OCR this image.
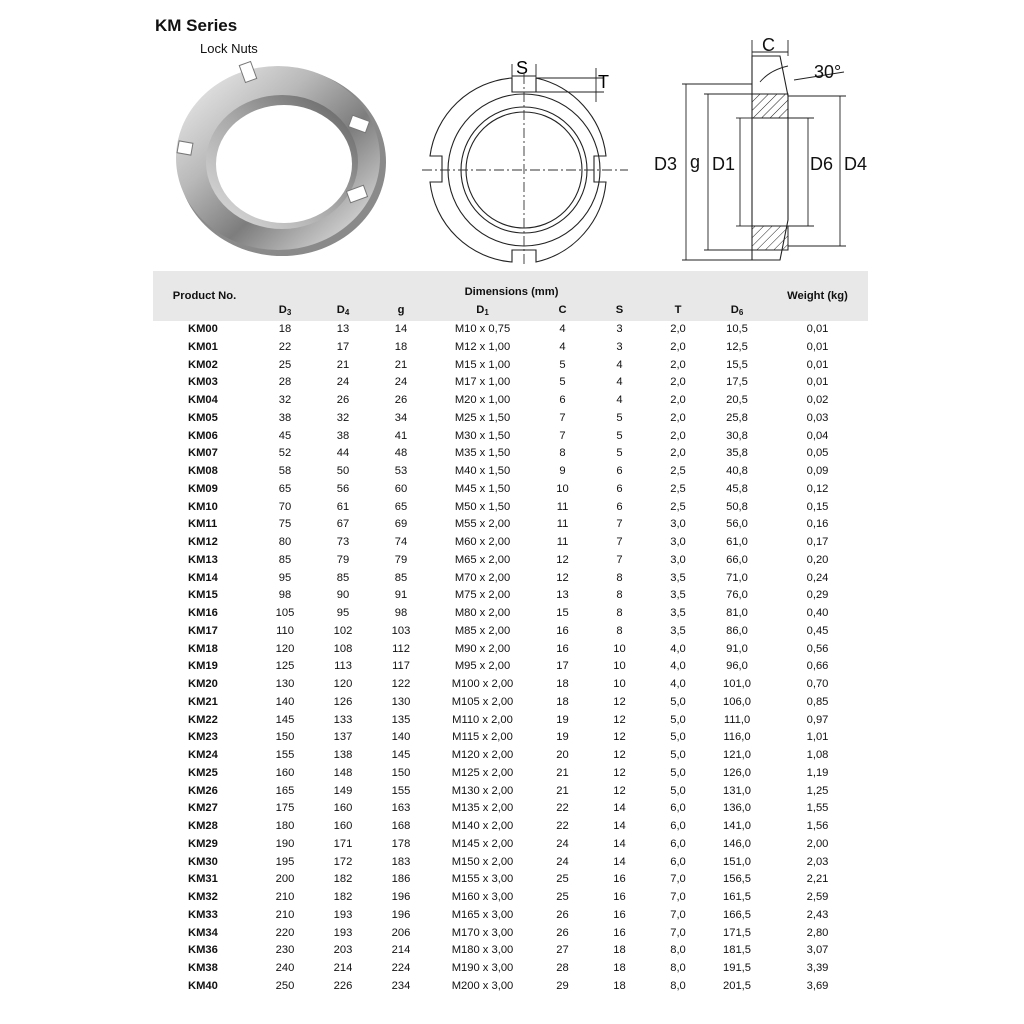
KM Series
Lock Nuts
S
T
C
30°
D3 g D1	D6 D4
Product No.	Dimensions (mm)								Weight (kg)
	$D_3$	$D_4$	g	$D_1$	C	S	T	$D_6$
KM00	18	13	14	M10 x 0,75	4	3	2,0	10,5	0,01
KM01	22	17	18	M12 x 1,00	4	3	2,0	12,5	0,01
KM02	25	21	21	M15 x 1,00	5	4	2,0	15,5	0,01
KM03	28	24	24	M17 x 1,00	5	4	2,0	17,5	0,01
KM04	32	26	26	M20 x 1,00	6	4	2,0	20,5	0,02
KM05	38	32	34	M25 x 1,50	7	5	2,0	25,8	0,03
KM06	45	38	41	M30 x 1,50	7	5	2,0	30,8	0,04
KM07	52	44	48	M35 x 1,50	8	5	2,0	35,8	0,05
KM08	58	50	53	M40 x 1,50	9	6	2,5	40,8	0,09
KM09	65	56	60	M45 x 1,50	10	6	2,5	45,8	0,12
KM10	70	61	65	M50 x 1,50	11	6	2,5	50,8	0,15
KM11	75	67	69	M55 x 2,00	11	7	3,0	56,0	0,16
KM12	80	73	74	M60 x 2,00	11	7	3,0	61,0	0,17
KM13	85	79	79	M65 x 2,00	12	7	3,0	66,0	0,20
KM14	95	85	85	M70 x 2,00	12	8	3,5	71,0	0,24
KM15	98	90	91	M75 x 2,00	13	8	3,5	76,0	0,29
KM16	105	95	98	M80 x 2,00	15	8	3,5	81,0	0,40
KM17	110	102	103	M85 x 2,00	16	8	3,5	86,0	0,45
KM18	120	108	112	M90 x 2,00	16	10	4,0	91,0	0,56
KM19	125	113	117	M95 x 2,00	17	10	4,0	96,0	0,66
KM20	130	120	122	M100 x 2,00	18	10	4,0	101,0	0,70
KM21	140	126	130	M105 x 2,00	18	12	5,0	106,0	0,85
KM22	145	133	135	M110 x 2,00	19	12	5,0	111,0	0,97
KM23	150	137	140	M115 x 2,00	19	12	5,0	116,0	1,01
KM24	155	138	145	M120 x 2,00	20	12	5,0	121,0	1,08
KM25	160	148	150	M125 x 2,00	21	12	5,0	126,0	1,19
KM26	165	149	155	M130 x 2,00	21	12	5,0	131,0	1,25
KM27	175	160	163	M135 x 2,00	22	14	6,0	136,0	1,55
KM28	180	160	168	M140 x 2,00	22	14	6,0	141,0	1,56
KM29	190	171	178	M145 x 2,00	24	14	6,0	146,0	2,00
KM30	195	172	183	M150 x 2,00	24	14	6,0	151,0	2,03
KM31	200	182	186	M155 x 3,00	25	16	7,0	156,5	2,21
KM32	210	182	196	M160 x 3,00	25	16	7,0	161,5	2,59
KM33	210	193	196	M165 x 3,00	26	16	7,0	166,5	2,43
KM34	220	193	206	M170 x 3,00	26	16	7,0	171,5	2,80
KM36	230	203	214	M180 x 3,00	27	18	8,0	181,5	3,07
KM38	240	214	224	M190 x 3,00	28	18	8,0	191,5	3,39
KM40	250	226	234	M200 x 3,00	29	18	8,0	201,5	3,69
